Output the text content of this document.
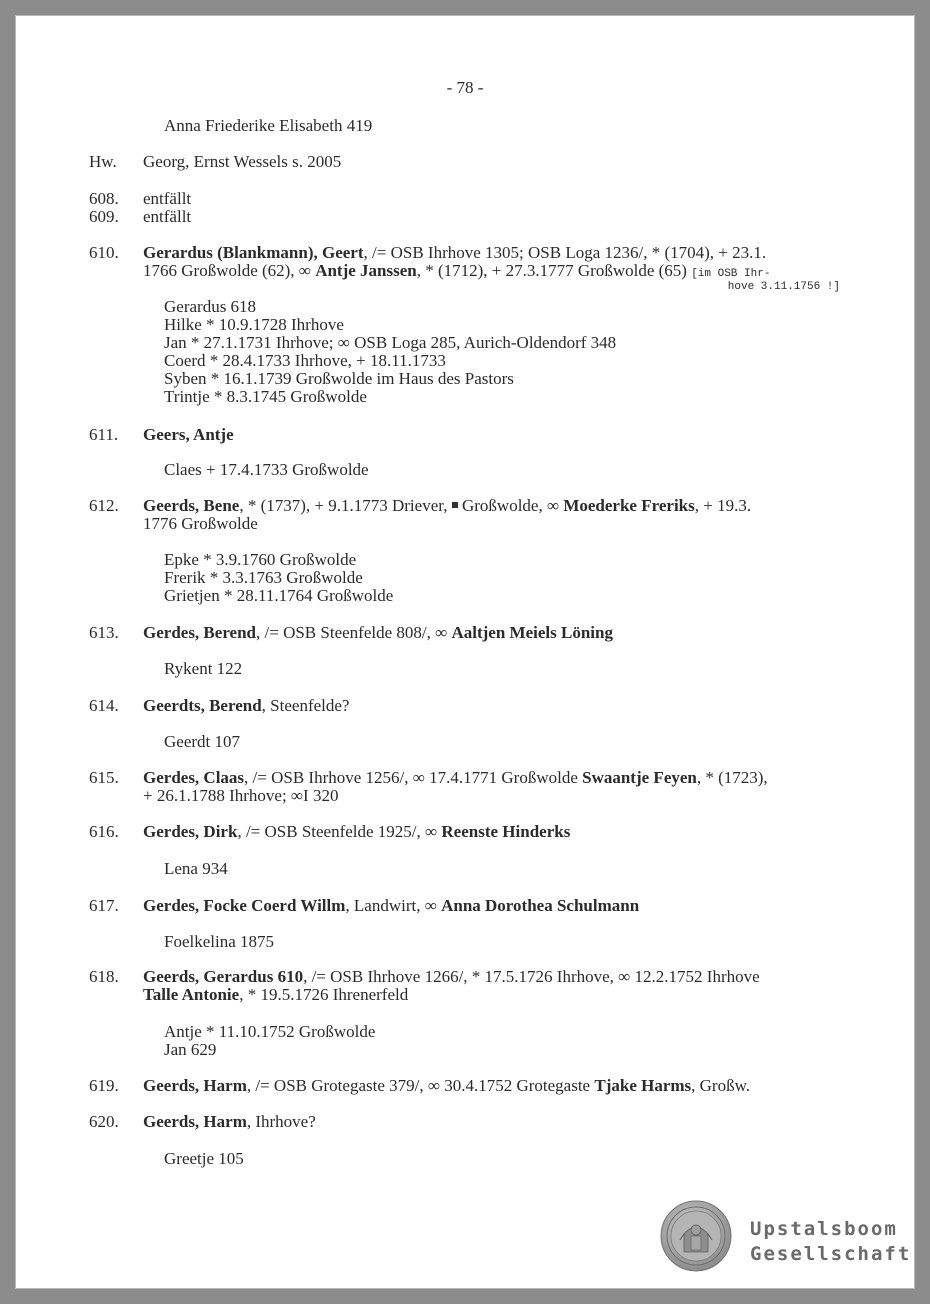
- 78 -
Anna Friederike Elisabeth 419
Hw. Georg, Ernst Wessels s. 2005
608. entfällt
609. entfällt
610. Gerardus (Blankmann), Geert, /= OSB Ihrhove 1305; OSB Loga 1236/, * (1704), + 23.1.
1766 Großwolde (62), ∞ Antje Janssen, * (1712), + 27.3.1777 Großwolde (65) [im OSB Ihr-
hove 3.11.1756 !]
Gerardus 618
Hilke * 10.9.1728 Ihrhove
Jan * 27.1.1731 Ihrhove; ∞ OSB Loga 285, Aurich-Oldendorf 348
Coerd * 28.4.1733 Ihrhove, + 18.11.1733
Syben * 16.1.1739 Großwolde im Haus des Pastors
Trintje * 8.3.1745 Großwolde
611. Geers, Antje
Claes + 17.4.1733 Großwolde
612. Geerds, Bene, * (1737), + 9.1.1773 Driever,  Großwolde, ∞ Moederke Freriks, + 19.3.
1776 Großwolde
Epke * 3.9.1760 Großwolde
Frerik * 3.3.1763 Großwolde
Grietjen * 28.11.1764 Großwolde
613. Gerdes, Berend, /= OSB Steenfelde 808/, ∞ Aaltjen Meiels Löning
Rykent 122
614. Geerdts, Berend, Steenfelde?
Geerdt 107
615. Gerdes, Claas, /= OSB Ihrhove 1256/, ∞ 17.4.1771 Großwolde Swaantje Feyen, * (1723),
+ 26.1.1788 Ihrhove; ∞I 320
616. Gerdes, Dirk, /= OSB Steenfelde 1925/, ∞ Reenste Hinderks
Lena 934
617. Gerdes, Focke Coerd Willm, Landwirt, ∞ Anna Dorothea Schulmann
Foelkelina 1875
618. Geerds, Gerardus 610, /= OSB Ihrhove 1266/, * 17.5.1726 Ihrhove, ∞ 12.2.1752 Ihrhove
Talle Antonie, * 19.5.1726 Ihrenerfeld
Antje * 11.10.1752 Großwolde
Jan 629
619. Geerds, Harm, /= OSB Grotegaste 379/, ∞ 30.4.1752 Grotegaste Tjake Harms, Großw.
620. Geerds, Harm, Ihrhove?
Greetje 105
Upstalsboom
Gesellschaft
